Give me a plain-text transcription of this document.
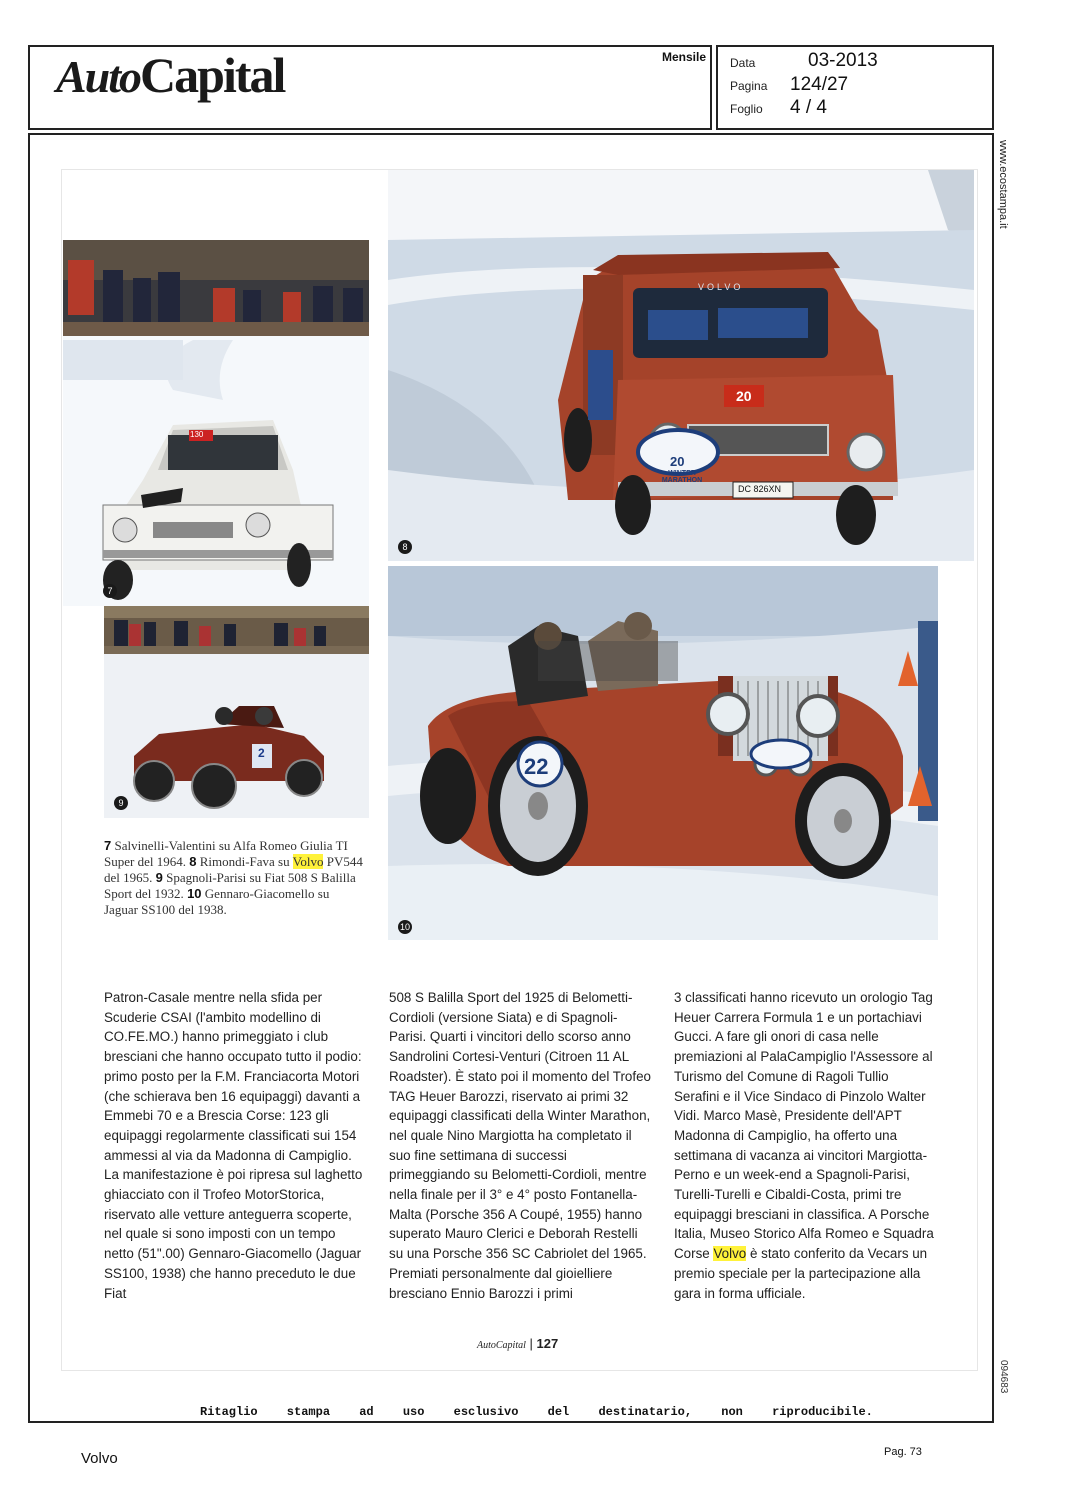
AutoCapital	Mensile Data	03-2013
Pagina 124/27
Foglio 4 / 4
www.ecostampa.it
094683
7
130
9
2
8
20
20
WINTER MARATHON
DC 826XN
VOLVO
10
22
7 Salvinelli-Valentini su Alfa Romeo Giulia TI Super del 1964. 8 Rimondi-Fava su Volvo PV544 del 1965. 9 Spagnoli-Parisi su Fiat 508 S Balilla Sport del 1932. 10 Gennaro-Giacomello su Jaguar SS100 del 1938.
Patron-Casale mentre nella sfida per Scuderie CSAI (l'ambito modellino di CO.FE.MO.) hanno primeggiato i club bresciani che hanno occupato tutto il podio: primo posto per la F.M. Franciacorta Motori (che schierava ben 16 equipaggi) davanti a Emmebi 70 e a Brescia Corse: 123 gli equipaggi regolarmente classificati sui 154 ammessi al via da Madonna di Campiglio. La manifestazione è poi ripresa sul laghetto ghiacciato con il Trofeo MotorStorica, riservato alle vetture anteguerra scoperte, nel quale si sono imposti con un tempo netto (51".00) Gennaro-Giacomello (Jaguar SS100, 1938) che hanno preceduto le due Fiat
508 S Balilla Sport del 1925 di Belometti-Cordioli (versione Siata) e di Spagnoli-Parisi. Quarti i vincitori dello scorso anno Sandrolini Cortesi-Venturi (Citroen 11 AL Roadster). È stato poi il momento del Trofeo TAG Heuer Barozzi, riservato ai primi 32 equipaggi classificati della Winter Marathon, nel quale Nino Margiotta ha completato il suo fine settimana di successi primeggiando su Belometti-Cordioli, mentre nella finale per il 3° e 4° posto Fontanella-Malta (Porsche 356 A Coupé, 1955) hanno superato Mauro Clerici e Deborah Restelli su una Porsche 356 SC Cabriolet del 1965. Premiati personalmente dal gioielliere bresciano Ennio Barozzi i primi
3 classificati hanno ricevuto un orologio Tag Heuer Carrera Formula 1 e un portachiavi Gucci. A fare gli onori di casa nelle premiazioni al PalaCampiglio l'Assessore al Turismo del Comune di Ragoli Tullio Serafini e il Vice Sindaco di Pinzolo Walter Vidi. Marco Masè, Presidente dell'APT Madonna di Campiglio, ha offerto una settimana di vacanza ai vincitori Margiotta-Perno e un week-end a Spagnoli-Parisi, Turelli-Turelli e Cibaldi-Costa, primi tre equipaggi bresciani in classifica. A Porsche Italia, Museo Storico Alfa Romeo e Squadra Corse Volvo è stato conferito da Vecars un premio speciale per la partecipazione alla gara in forma ufficiale.
AutoCapital | 127
Ritaglio stampa ad uso esclusivo del destinatario, non riproducibile.
Volvo	Pag. 73
